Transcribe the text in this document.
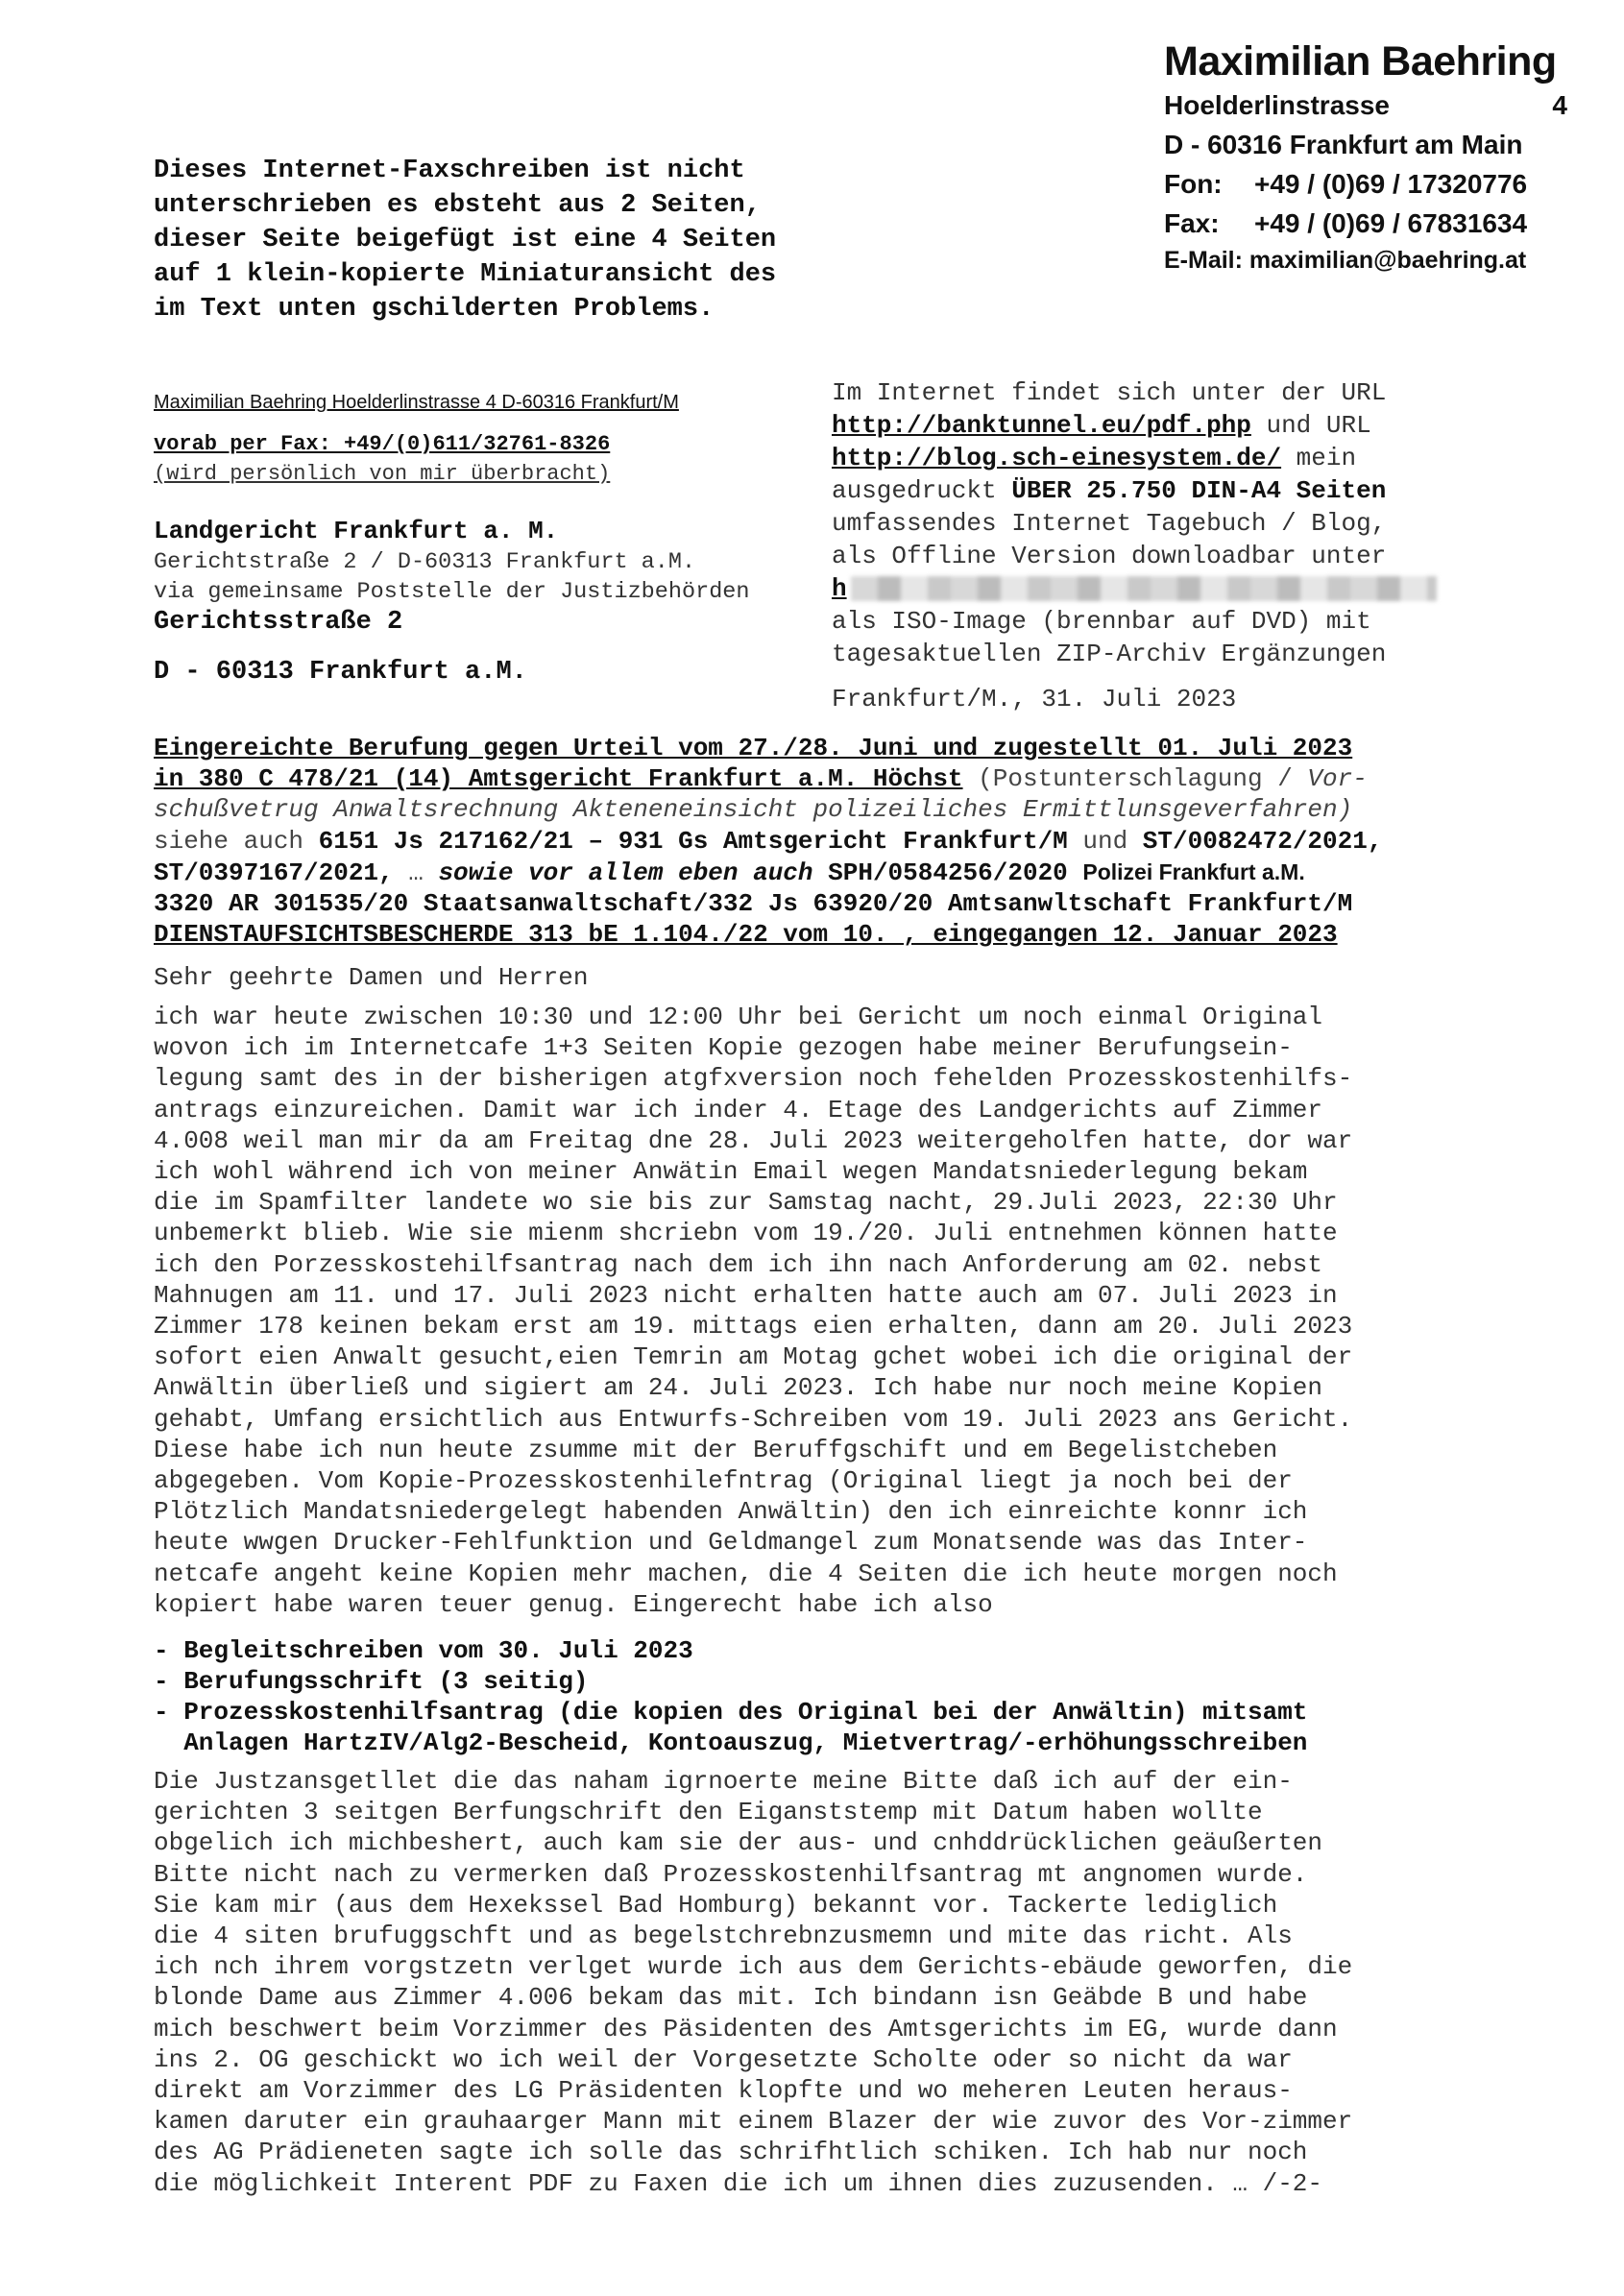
Maximilian Baehring
Hoelderlinstrasse	4
D - 60316 Frankfurt am Main
Fon: +49 / (0)69 / 17320776
Fax: +49 / (0)69 / 67831634
E-Mail: maximilian@baehring.at
Dieses Internet-Faxschreiben ist nicht
unterschrieben es ebsteht aus 2 Seiten,
dieser Seite beigefügt ist eine 4 Seiten
auf 1 klein-kopierte Miniaturansicht des
im Text unten gschilderten Problems.
Maximilian Baehring Hoelderlinstrasse 4 D-60316 Frankfurt/M
vorab per Fax: +49/(0)611/32761-8326
(wird persönlich von mir überbracht)
Landgericht Frankfurt a. M.
Gerichtstraße 2 / D-60313 Frankfurt a.M.
via gemeinsame Poststelle der Justizbehörden
Gerichtsstraße 2
D - 60313 Frankfurt a.M.
Im Internet findet sich unter der URL
http://banktunnel.eu/pdf.php und URL
http://blog.sch-einesystem.de/ mein
ausgedruckt ÜBER 25.750 DIN-A4 Seiten
umfassendes Internet Tagebuch / Blog,
als Offline Version downloadbar unter
h
als ISO-Image (brennbar auf DVD) mit
tagesaktuellen ZIP-Archiv Ergänzungen
Frankfurt/M., 31. Juli 2023
Eingereichte Berufung gegen Urteil vom 27./28. Juni und zugestellt 01. Juli 2023
in 380 C 478/21 (14) Amtsgericht Frankfurt a.M. Höchst (Postunterschlagung / Vor-
schußvetrug Anwaltsrechnung Akteneneinsicht polizeiliches Ermittlunsgeverfahren)
siehe auch 6151 Js 217162/21 – 931 Gs Amtsgericht Frankfurt/M und ST/0082472/2021,
ST/0397167/2021, … sowie vor allem eben auch SPH/0584256/2020 Polizei Frankfurt a.M.
3320 AR 301535/20 Staatsanwaltschaft/332 Js 63920/20 Amtsanwltschaft Frankfurt/M
DIENSTAUFSICHTSBESCHERDE 313 bE 1.104./22 vom 10. , eingegangen 12. Januar 2023
Sehr geehrte Damen und Herren
ich war heute zwischen 10:30 und 12:00 Uhr bei Gericht um noch einmal Original
wovon ich im Internetcafe 1+3 Seiten Kopie gezogen habe meiner Berufungsein-
legung samt des in der bisherigen atgfxversion noch fehelden Prozesskostenhilfs-
antrags einzureichen. Damit war ich inder 4. Etage des Landgerichts auf Zimmer
4.008 weil man mir da am Freitag dne 28. Juli 2023 weitergeholfen hatte, dor war
ich wohl während ich von meiner Anwätin Email wegen Mandatsniederlegung bekam
die im Spamfilter landete wo sie bis zur Samstag nacht, 29.Juli 2023, 22:30 Uhr
unbemerkt blieb. Wie sie mienm shcriebn vom 19./20. Juli entnehmen können hatte
ich den Porzesskostehilfsantrag nach dem ich ihn nach Anforderung am 02. nebst
Mahnugen am 11. und 17. Juli 2023 nicht erhalten hatte auch am 07. Juli 2023 in
Zimmer 178 keinen bekam erst am 19. mittags eien erhalten, dann am 20. Juli 2023
sofort eien Anwalt gesucht,eien Temrin am Motag gchet wobei ich die original der
Anwältin überließ und sigiert am 24. Juli 2023. Ich habe nur noch meine Kopien
gehabt, Umfang ersichtlich aus Entwurfs-Schreiben vom 19. Juli 2023 ans Gericht.
Diese habe ich nun heute zsumme mit der Beruffgschift und em Begelistcheben
abgegeben. Vom Kopie-Prozesskostenhilefntrag (Original liegt ja noch bei der
Plötzlich Mandatsniedergelegt habenden Anwältin) den ich einreichte konnr ich
heute wwgen Drucker-Fehlfunktion und Geldmangel zum Monatsende was das Inter-
netcafe angeht keine Kopien mehr machen, die 4 Seiten die ich heute morgen noch
kopiert habe waren teuer genug. Eingerecht habe ich also
- Begleitschreiben vom 30. Juli 2023
- Berufungsschrift (3 seitig)
- Prozesskostenhilfsantrag (die kopien des Original bei der Anwältin) mitsamt
Anlagen HartzIV/Alg2-Bescheid, Kontoauszug, Mietvertrag/-erhöhungsschreiben
Die Justzansgetllet die das naham igrnoerte meine Bitte daß ich auf der ein-
gerichten 3 seitgen Berfungschrift den Eiganststemp mit Datum haben wollte
obgelich ich michbeshert, auch kam sie der aus- und cnhddrücklichen geäußerten
Bitte nicht nach zu vermerken daß Prozesskostenhilfsantrag mt angnomen wurde.
Sie kam mir (aus dem Hexekssel Bad Homburg) bekannt vor. Tackerte lediglich
die 4 siten brufuggschft und as begelstchrebnzusmemn und mite das richt. Als
ich nch ihrem vorgstzetn verlget wurde ich aus dem Gerichts-ebäude geworfen, die
blonde Dame aus Zimmer 4.006 bekam das mit. Ich bindann isn Geäbde B und habe
mich beschwert beim Vorzimmer des Päsidenten des Amtsgerichts im EG, wurde dann
ins 2. OG geschickt wo ich weil der Vorgesetzte Scholte oder so nicht da war
direkt am Vorzimmer des LG Präsidenten klopfte und wo meheren Leuten heraus-
kamen daruter ein grauhaarger Mann mit einem Blazer der wie zuvor des Vor-zimmer
des AG Prädieneten sagte ich solle das schrifhtlich schiken. Ich hab nur noch
die möglichkeit Interent PDF zu Faxen die ich um ihnen dies zuzusenden. … /-2-
